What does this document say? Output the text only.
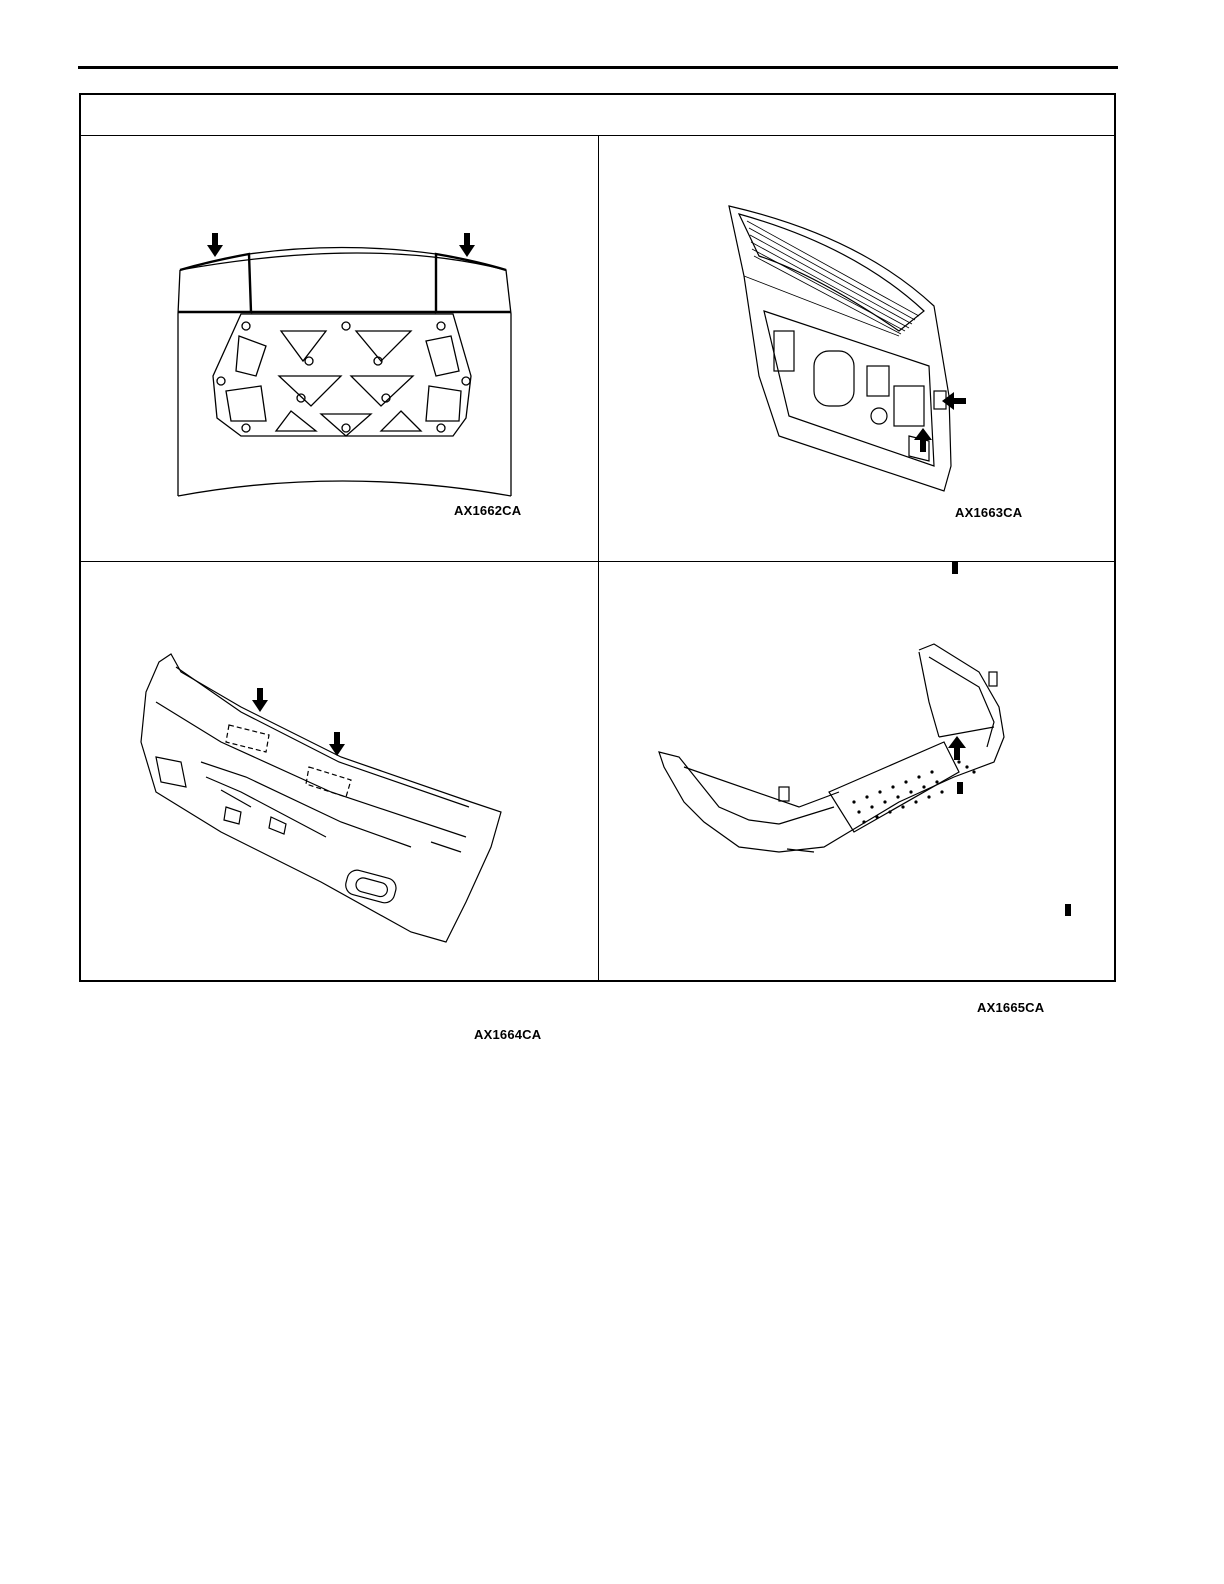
AX1662CA	AX1663CA
AX1664CA
AX1665CA
